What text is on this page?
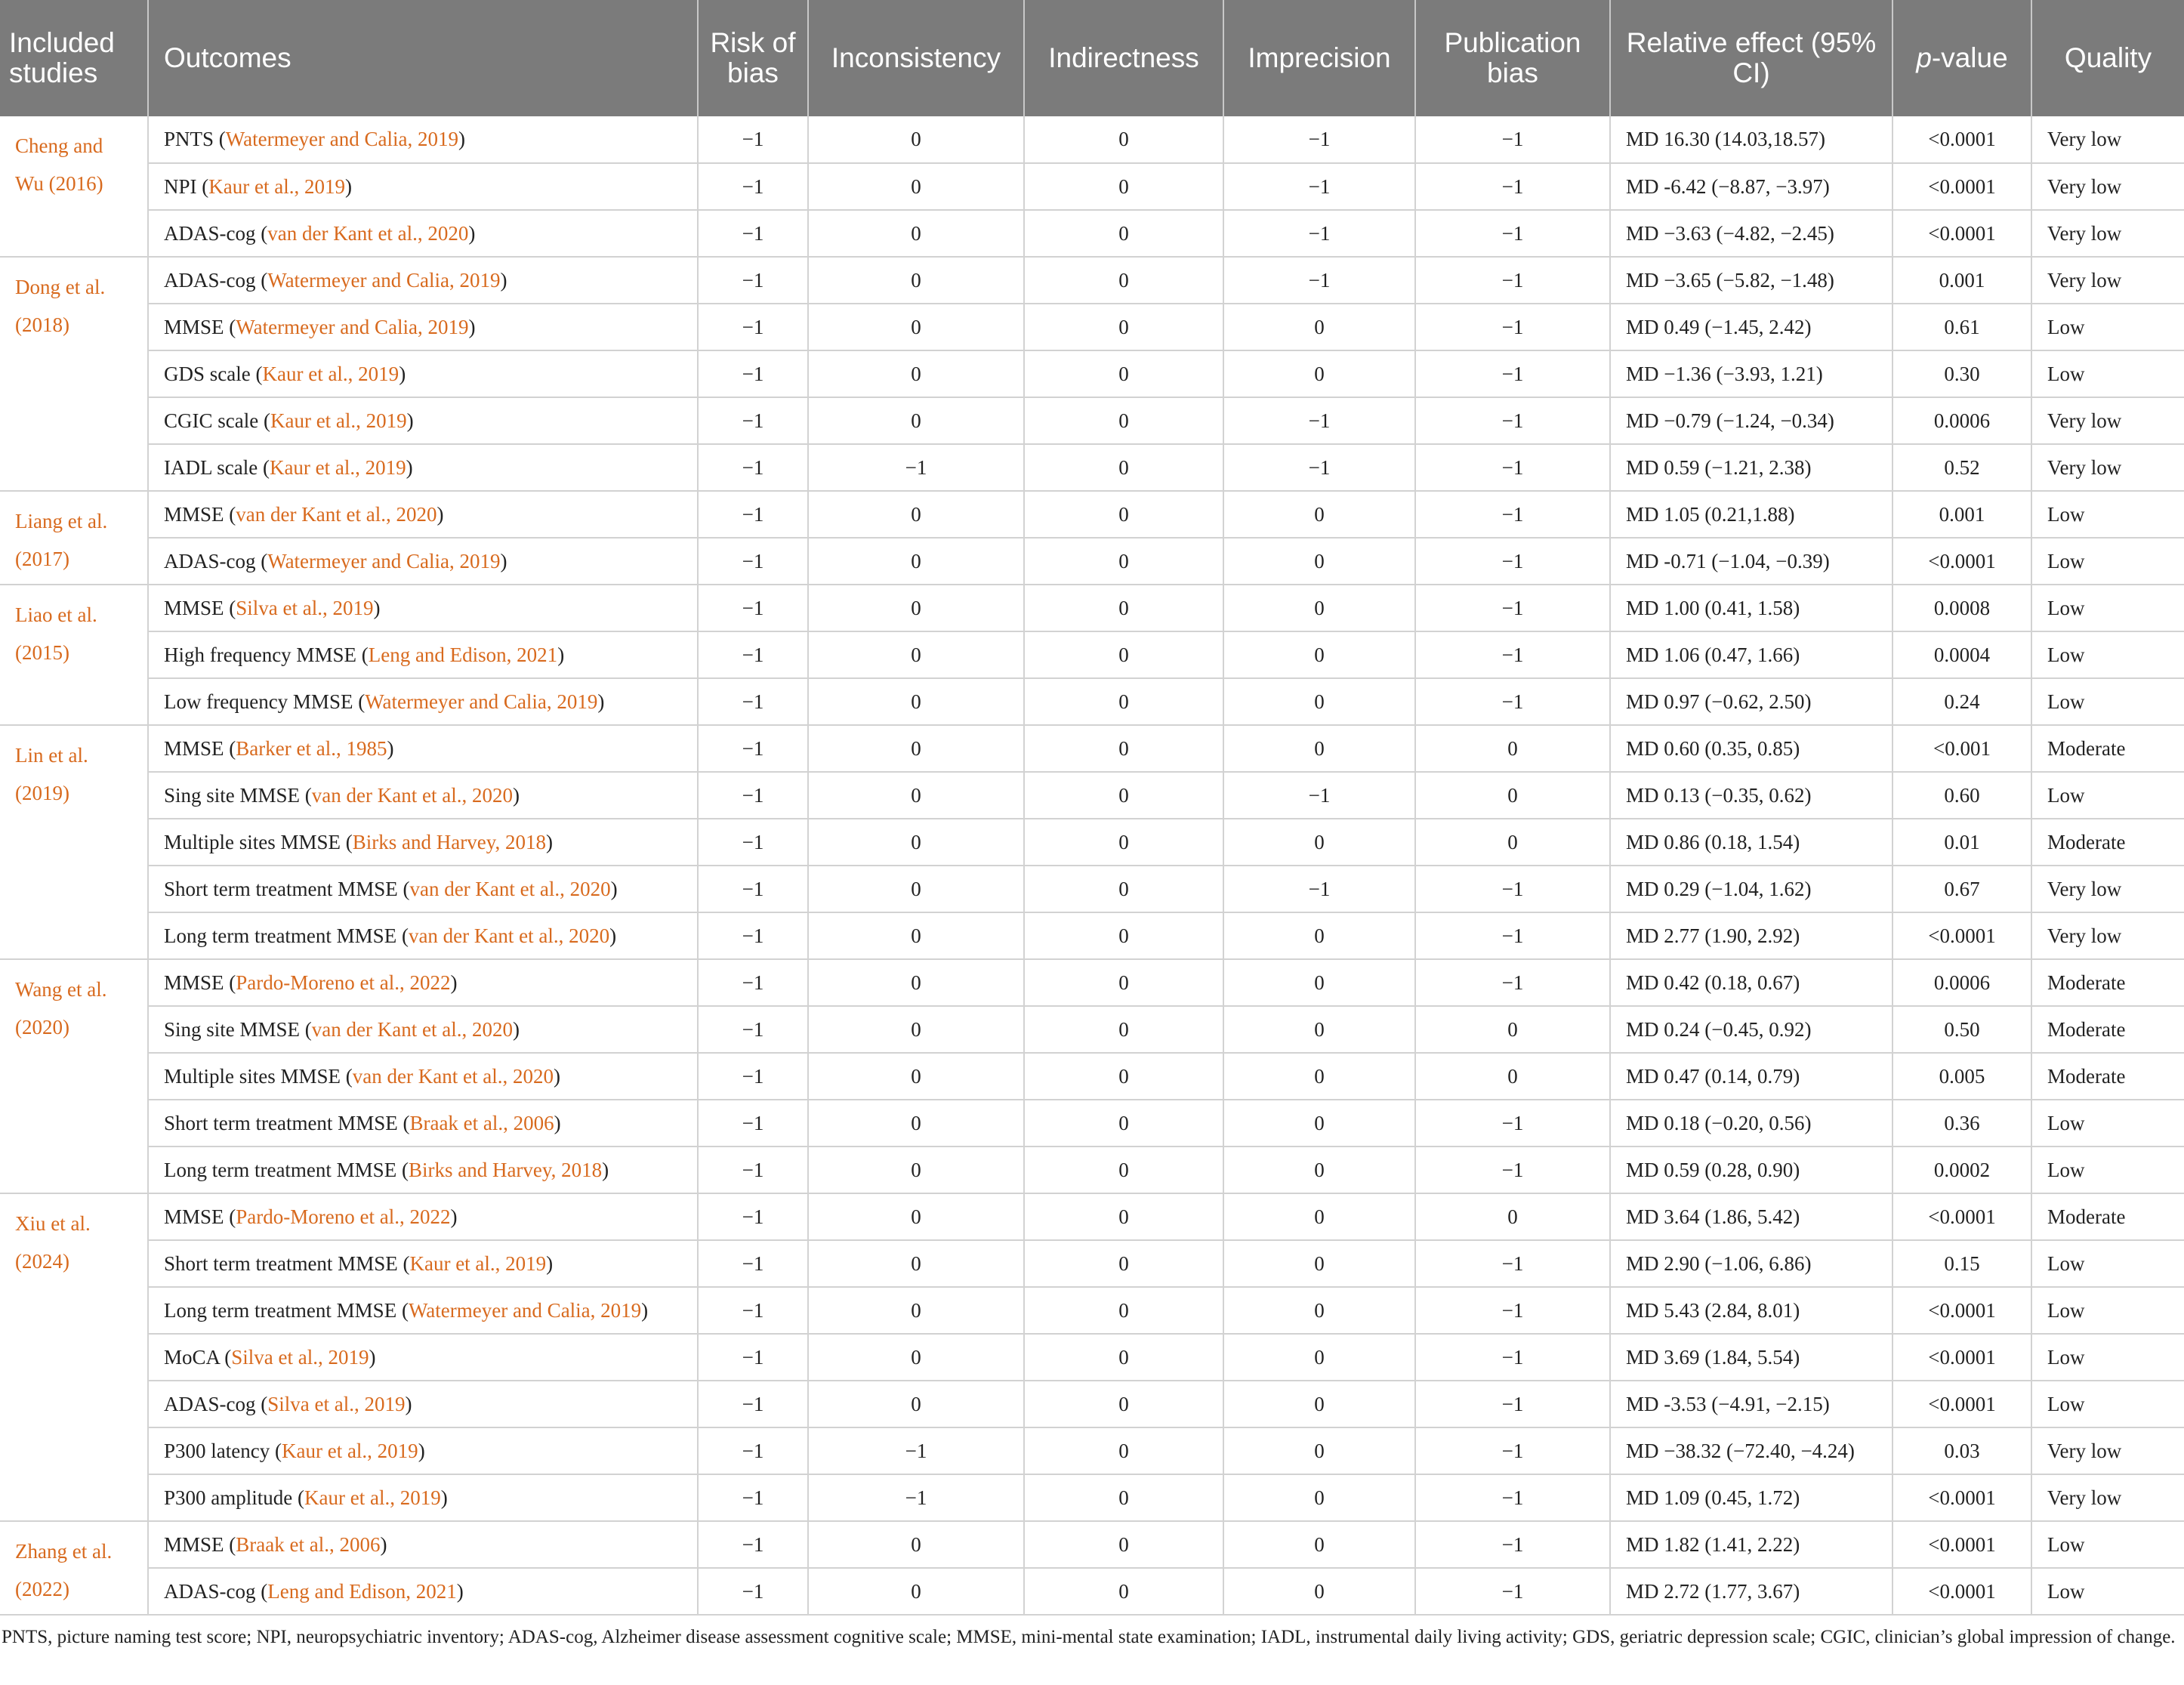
Included studies	Outcomes	Risk of bias	Inconsistency	Indirectness	Imprecision	Publication bias	Relative effect (95% CI)	p-value	Quality
Cheng and Wu (2016)	PNTS (Watermeyer and Calia, 2019)	−1	0	0	−1	−1	MD 16.30 (14.03,18.57)	<0.0001	Very low
	NPI (Kaur et al., 2019)	−1	0	0	−1	−1	MD -6.42 (−8.87, −3.97)	<0.0001	Very low
	ADAS-cog (van der Kant et al., 2020)	−1	0	0	−1	−1	MD −3.63 (−4.82, −2.45)	<0.0001	Very low
Dong et al. (2018)	ADAS-cog (Watermeyer and Calia, 2019)	−1	0	0	−1	−1	MD −3.65 (−5.82, −1.48)	0.001	Very low
	MMSE (Watermeyer and Calia, 2019)	−1	0	0	0	−1	MD 0.49 (−1.45, 2.42)	0.61	Low
	GDS scale (Kaur et al., 2019)	−1	0	0	0	−1	MD −1.36 (−3.93, 1.21)	0.30	Low
	CGIC scale (Kaur et al., 2019)	−1	0	0	−1	−1	MD −0.79 (−1.24, −0.34)	0.0006	Very low
	IADL scale (Kaur et al., 2019)	−1	−1	0	−1	−1	MD 0.59 (−1.21, 2.38)	0.52	Very low
Liang et al. (2017)	MMSE (van der Kant et al., 2020)	−1	0	0	0	−1	MD 1.05 (0.21,1.88)	0.001	Low
	ADAS-cog (Watermeyer and Calia, 2019)	−1	0	0	0	−1	MD -0.71 (−1.04, −0.39)	<0.0001	Low
Liao et al. (2015)	MMSE (Silva et al., 2019)	−1	0	0	0	−1	MD 1.00 (0.41, 1.58)	0.0008	Low
	High frequency MMSE (Leng and Edison, 2021)	−1	0	0	0	−1	MD 1.06 (0.47, 1.66)	0.0004	Low
	Low frequency MMSE (Watermeyer and Calia, 2019)	−1	0	0	0	−1	MD 0.97 (−0.62, 2.50)	0.24	Low
Lin et al. (2019)	MMSE (Barker et al., 1985)	−1	0	0	0	0	MD 0.60 (0.35, 0.85)	<0.001	Moderate
	Sing site MMSE (van der Kant et al., 2020)	−1	0	0	−1	0	MD 0.13 (−0.35, 0.62)	0.60	Low
	Multiple sites MMSE (Birks and Harvey, 2018)	−1	0	0	0	0	MD 0.86 (0.18, 1.54)	0.01	Moderate
	Short term treatment MMSE (van der Kant et al., 2020)	−1	0	0	−1	−1	MD 0.29 (−1.04, 1.62)	0.67	Very low
	Long term treatment MMSE (van der Kant et al., 2020)	−1	0	0	0	−1	MD 2.77 (1.90, 2.92)	<0.0001	Very low
Wang et al. (2020)	MMSE (Pardo-Moreno et al., 2022)	−1	0	0	0	−1	MD 0.42 (0.18, 0.67)	0.0006	Moderate
	Sing site MMSE (van der Kant et al., 2020)	−1	0	0	0	0	MD 0.24 (−0.45, 0.92)	0.50	Moderate
	Multiple sites MMSE (van der Kant et al., 2020)	−1	0	0	0	0	MD 0.47 (0.14, 0.79)	0.005	Moderate
	Short term treatment MMSE (Braak et al., 2006)	−1	0	0	0	−1	MD 0.18 (−0.20, 0.56)	0.36	Low
	Long term treatment MMSE (Birks and Harvey, 2018)	−1	0	0	0	−1	MD 0.59 (0.28, 0.90)	0.0002	Low
Xiu et al. (2024)	MMSE (Pardo-Moreno et al., 2022)	−1	0	0	0	0	MD 3.64 (1.86, 5.42)	<0.0001	Moderate
	Short term treatment MMSE (Kaur et al., 2019)	−1	0	0	0	−1	MD 2.90 (−1.06, 6.86)	0.15	Low
	Long term treatment MMSE (Watermeyer and Calia, 2019)	−1	0	0	0	−1	MD 5.43 (2.84, 8.01)	<0.0001	Low
	MoCA (Silva et al., 2019)	−1	0	0	0	−1	MD 3.69 (1.84, 5.54)	<0.0001	Low
	ADAS-cog (Silva et al., 2019)	−1	0	0	0	−1	MD -3.53 (−4.91, −2.15)	<0.0001	Low
	P300 latency (Kaur et al., 2019)	−1	−1	0	0	−1	MD −38.32 (−72.40, −4.24)	0.03	Very low
	P300 amplitude (Kaur et al., 2019)	−1	−1	0	0	−1	MD 1.09 (0.45, 1.72)	<0.0001	Very low
Zhang et al. (2022)	MMSE (Braak et al., 2006)	−1	0	0	0	−1	MD 1.82 (1.41, 2.22)	<0.0001	Low
	ADAS-cog (Leng and Edison, 2021)	−1	0	0	0	−1	MD 2.72 (1.77, 3.67)	<0.0001	Low
PNTS, picture naming test score; NPI, neuropsychiatric inventory; ADAS-cog, Alzheimer disease assessment cognitive scale; MMSE, mini-mental state examination; IADL, instrumental daily living activity; GDS, geriatric depression scale; CGIC, clinician’s global impression of change.
